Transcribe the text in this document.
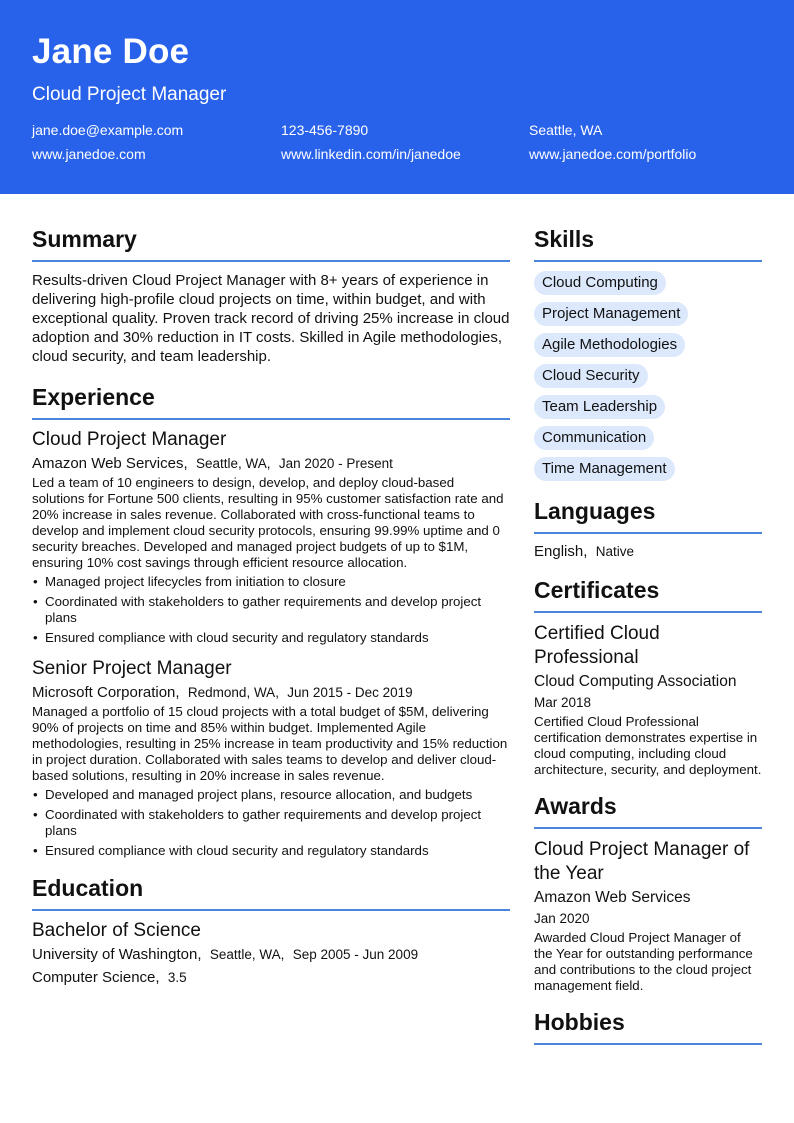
Jane Doe
Cloud Project Manager
jane.doe@example.com	123-456-7890	Seattle, WA
www.janedoe.com	www.linkedin.com/in/janedoe	www.janedoe.com/portfolio
Summary
Results-driven Cloud Project Manager with 8+ years of experience in delivering high-profile cloud projects on time, within budget, and with exceptional quality. Proven track record of driving 25% increase in cloud adoption and 30% reduction in IT costs. Skilled in Agile methodologies, cloud security, and team leadership.
Experience
Cloud Project Manager
Amazon Web Services, Seattle, WA, Jan 2020 - Present
Led a team of 10 engineers to design, develop, and deploy cloud-based solutions for Fortune 500 clients, resulting in 95% customer satisfaction rate and 20% increase in sales revenue. Collaborated with cross-functional teams to develop and implement cloud security protocols, ensuring 99.99% uptime and 0 security breaches. Developed and managed project budgets of up to $1M, ensuring 10% cost savings through efficient resource allocation.
• Managed project lifecycles from initiation to closure
• Coordinated with stakeholders to gather requirements and develop project plans
• Ensured compliance with cloud security and regulatory standards
Senior Project Manager
Microsoft Corporation, Redmond, WA, Jun 2015 - Dec 2019
Managed a portfolio of 15 cloud projects with a total budget of $5M, delivering 90% of projects on time and 85% within budget. Implemented Agile methodologies, resulting in 25% increase in team productivity and 15% reduction in project duration. Collaborated with sales teams to develop and deliver cloud-based solutions, resulting in 20% increase in sales revenue.
• Developed and managed project plans, resource allocation, and budgets
• Coordinated with stakeholders to gather requirements and develop project plans
• Ensured compliance with cloud security and regulatory standards
Education
Bachelor of Science
University of Washington, Seattle, WA, Sep 2005 - Jun 2009
Computer Science, 3.5
Skills
Cloud Computing
Project Management
Agile Methodologies
Cloud Security
Team Leadership
Communication
Time Management
Languages
English, Native
Certificates
Certified Cloud Professional
Cloud Computing Association
Mar 2018
Certified Cloud Professional certification demonstrates expertise in cloud computing, including cloud architecture, security, and deployment.
Awards
Cloud Project Manager of the Year
Amazon Web Services
Jan 2020
Awarded Cloud Project Manager of the Year for outstanding performance and contributions to the cloud project management field.
Hobbies
